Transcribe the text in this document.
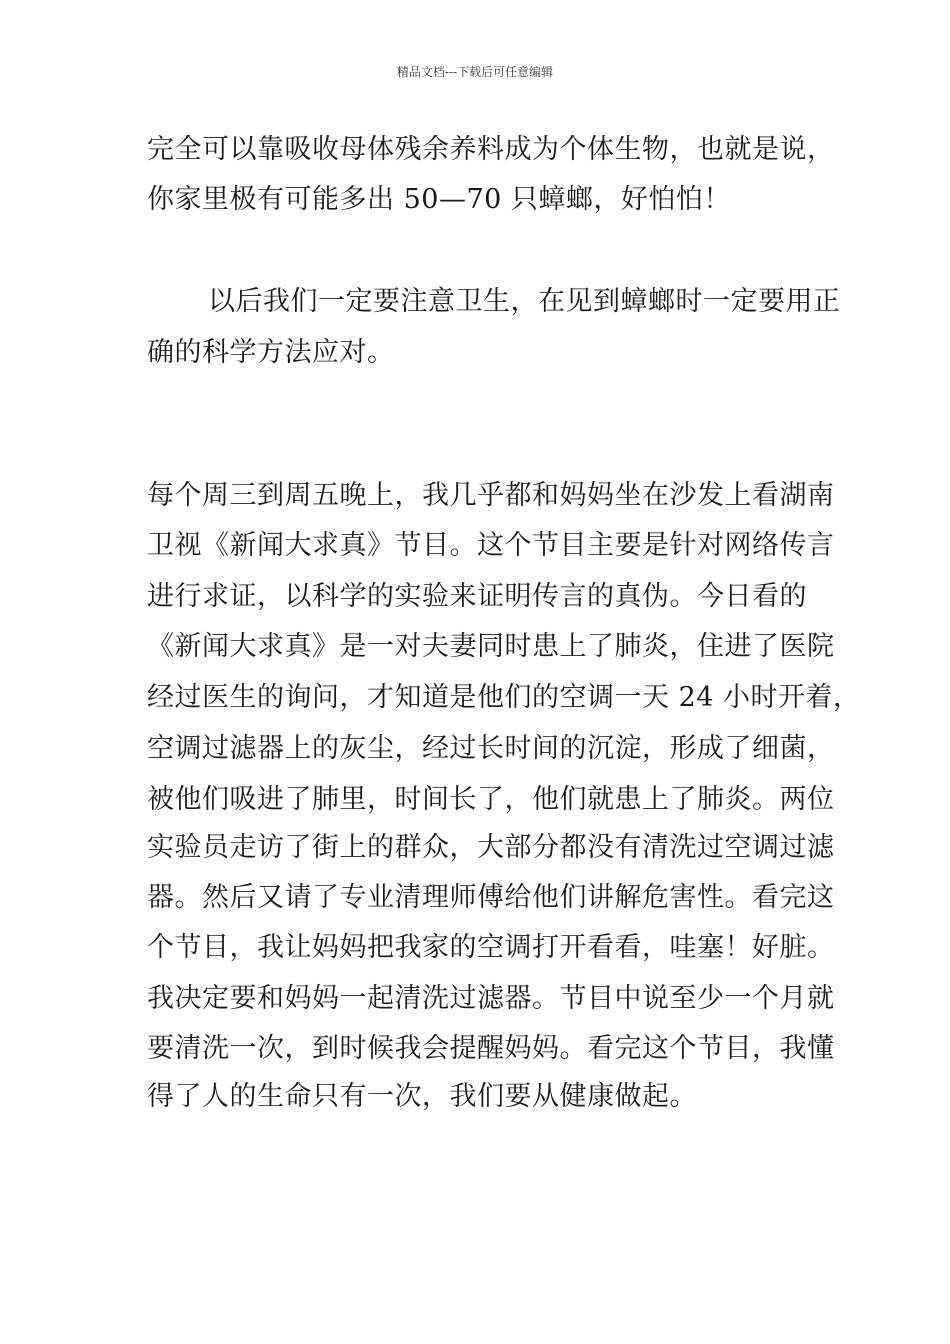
精品文档---下载后可任意编辑
完全可以靠吸收母体残余养料成为个体生物，也就是说，
你家里极有可能多出 50—70 只蟑螂，好怕怕！
以后我们一定要注意卫生，在见到蟑螂时一定要用正
确的科学方法应对。
每个周三到周五晚上，我几乎都和妈妈坐在沙发上看湖南
卫视《新闻大求真》节目。这个节目主要是针对网络传言
进行求证，以科学的实验来证明传言的真伪。今日看的
《新闻大求真》是一对夫妻同时患上了肺炎，住进了医院
经过医生的询问，才知道是他们的空调一天 24 小时开着，
空调过滤器上的灰尘，经过长时间的沉淀，形成了细菌，
被他们吸进了肺里，时间长了，他们就患上了肺炎。两位
实验员走访了街上的群众，大部分都没有清洗过空调过滤
器。然后又请了专业清理师傅给他们讲解危害性。看完这
个节目，我让妈妈把我家的空调打开看看，哇塞！好脏。
我决定要和妈妈一起清洗过滤器。节目中说至少一个月就
要清洗一次，到时候我会提醒妈妈。看完这个节目，我懂
得了人的生命只有一次，我们要从健康做起。
